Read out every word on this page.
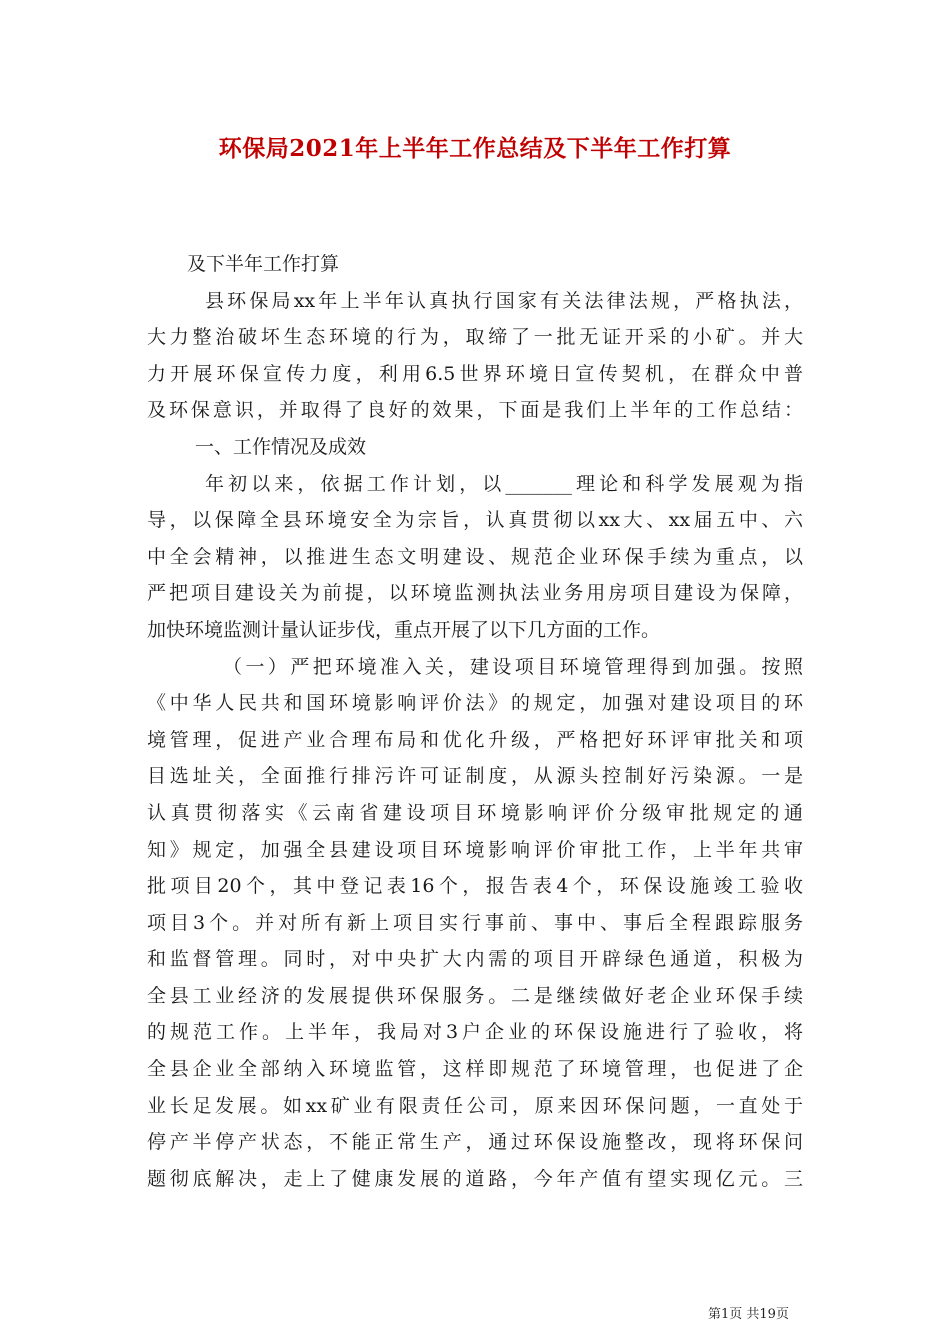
环保局2021年上半年工作总结及下半年工作打算
及下半年工作打算
县环保局xx年上半年认真执行国家有关法律法规，严格执法，
大力整治破坏生态环境的行为，取缔了一批无证开采的小矿。并大
力开展环保宣传力度，利用6.5世界环境日宣传契机，在群众中普
及环保意识，并取得了良好的效果，下面是我们上半年的工作总结：
一、工作情况及成效
年初以来，依据工作计划，以_______理论和科学发展观为指
导，以保障全县环境安全为宗旨，认真贯彻以xx大、xx届五中、六
中全会精神，以推进生态文明建设、规范企业环保手续为重点，以
严把项目建设关为前提，以环境监测执法业务用房项目建设为保障，
加快环境监测计量认证步伐，重点开展了以下几方面的工作。
（一）严把环境准入关，建设项目环境管理得到加强。按照
《中华人民共和国环境影响评价法》的规定，加强对建设项目的环
境管理，促进产业合理布局和优化升级，严格把好环评审批关和项
目选址关，全面推行排污许可证制度，从源头控制好污染源。一是
认真贯彻落实《云南省建设项目环境影响评价分级审批规定的通
知》规定，加强全县建设项目环境影响评价审批工作，上半年共审
批项目20个，其中登记表16个，报告表4个，环保设施竣工验收
项目3个。并对所有新上项目实行事前、事中、事后全程跟踪服务
和监督管理。同时，对中央扩大内需的项目开辟绿色通道，积极为
全县工业经济的发展提供环保服务。二是继续做好老企业环保手续
的规范工作。上半年，我局对3户企业的环保设施进行了验收，将
全县企业全部纳入环境监管，这样即规范了环境管理，也促进了企
业长足发展。如xx矿业有限责任公司，原来因环保问题，一直处于
停产半停产状态，不能正常生产，通过环保设施整改，现将环保问
题彻底解决，走上了健康发展的道路，今年产值有望实现亿元。三
第1页 共19页
